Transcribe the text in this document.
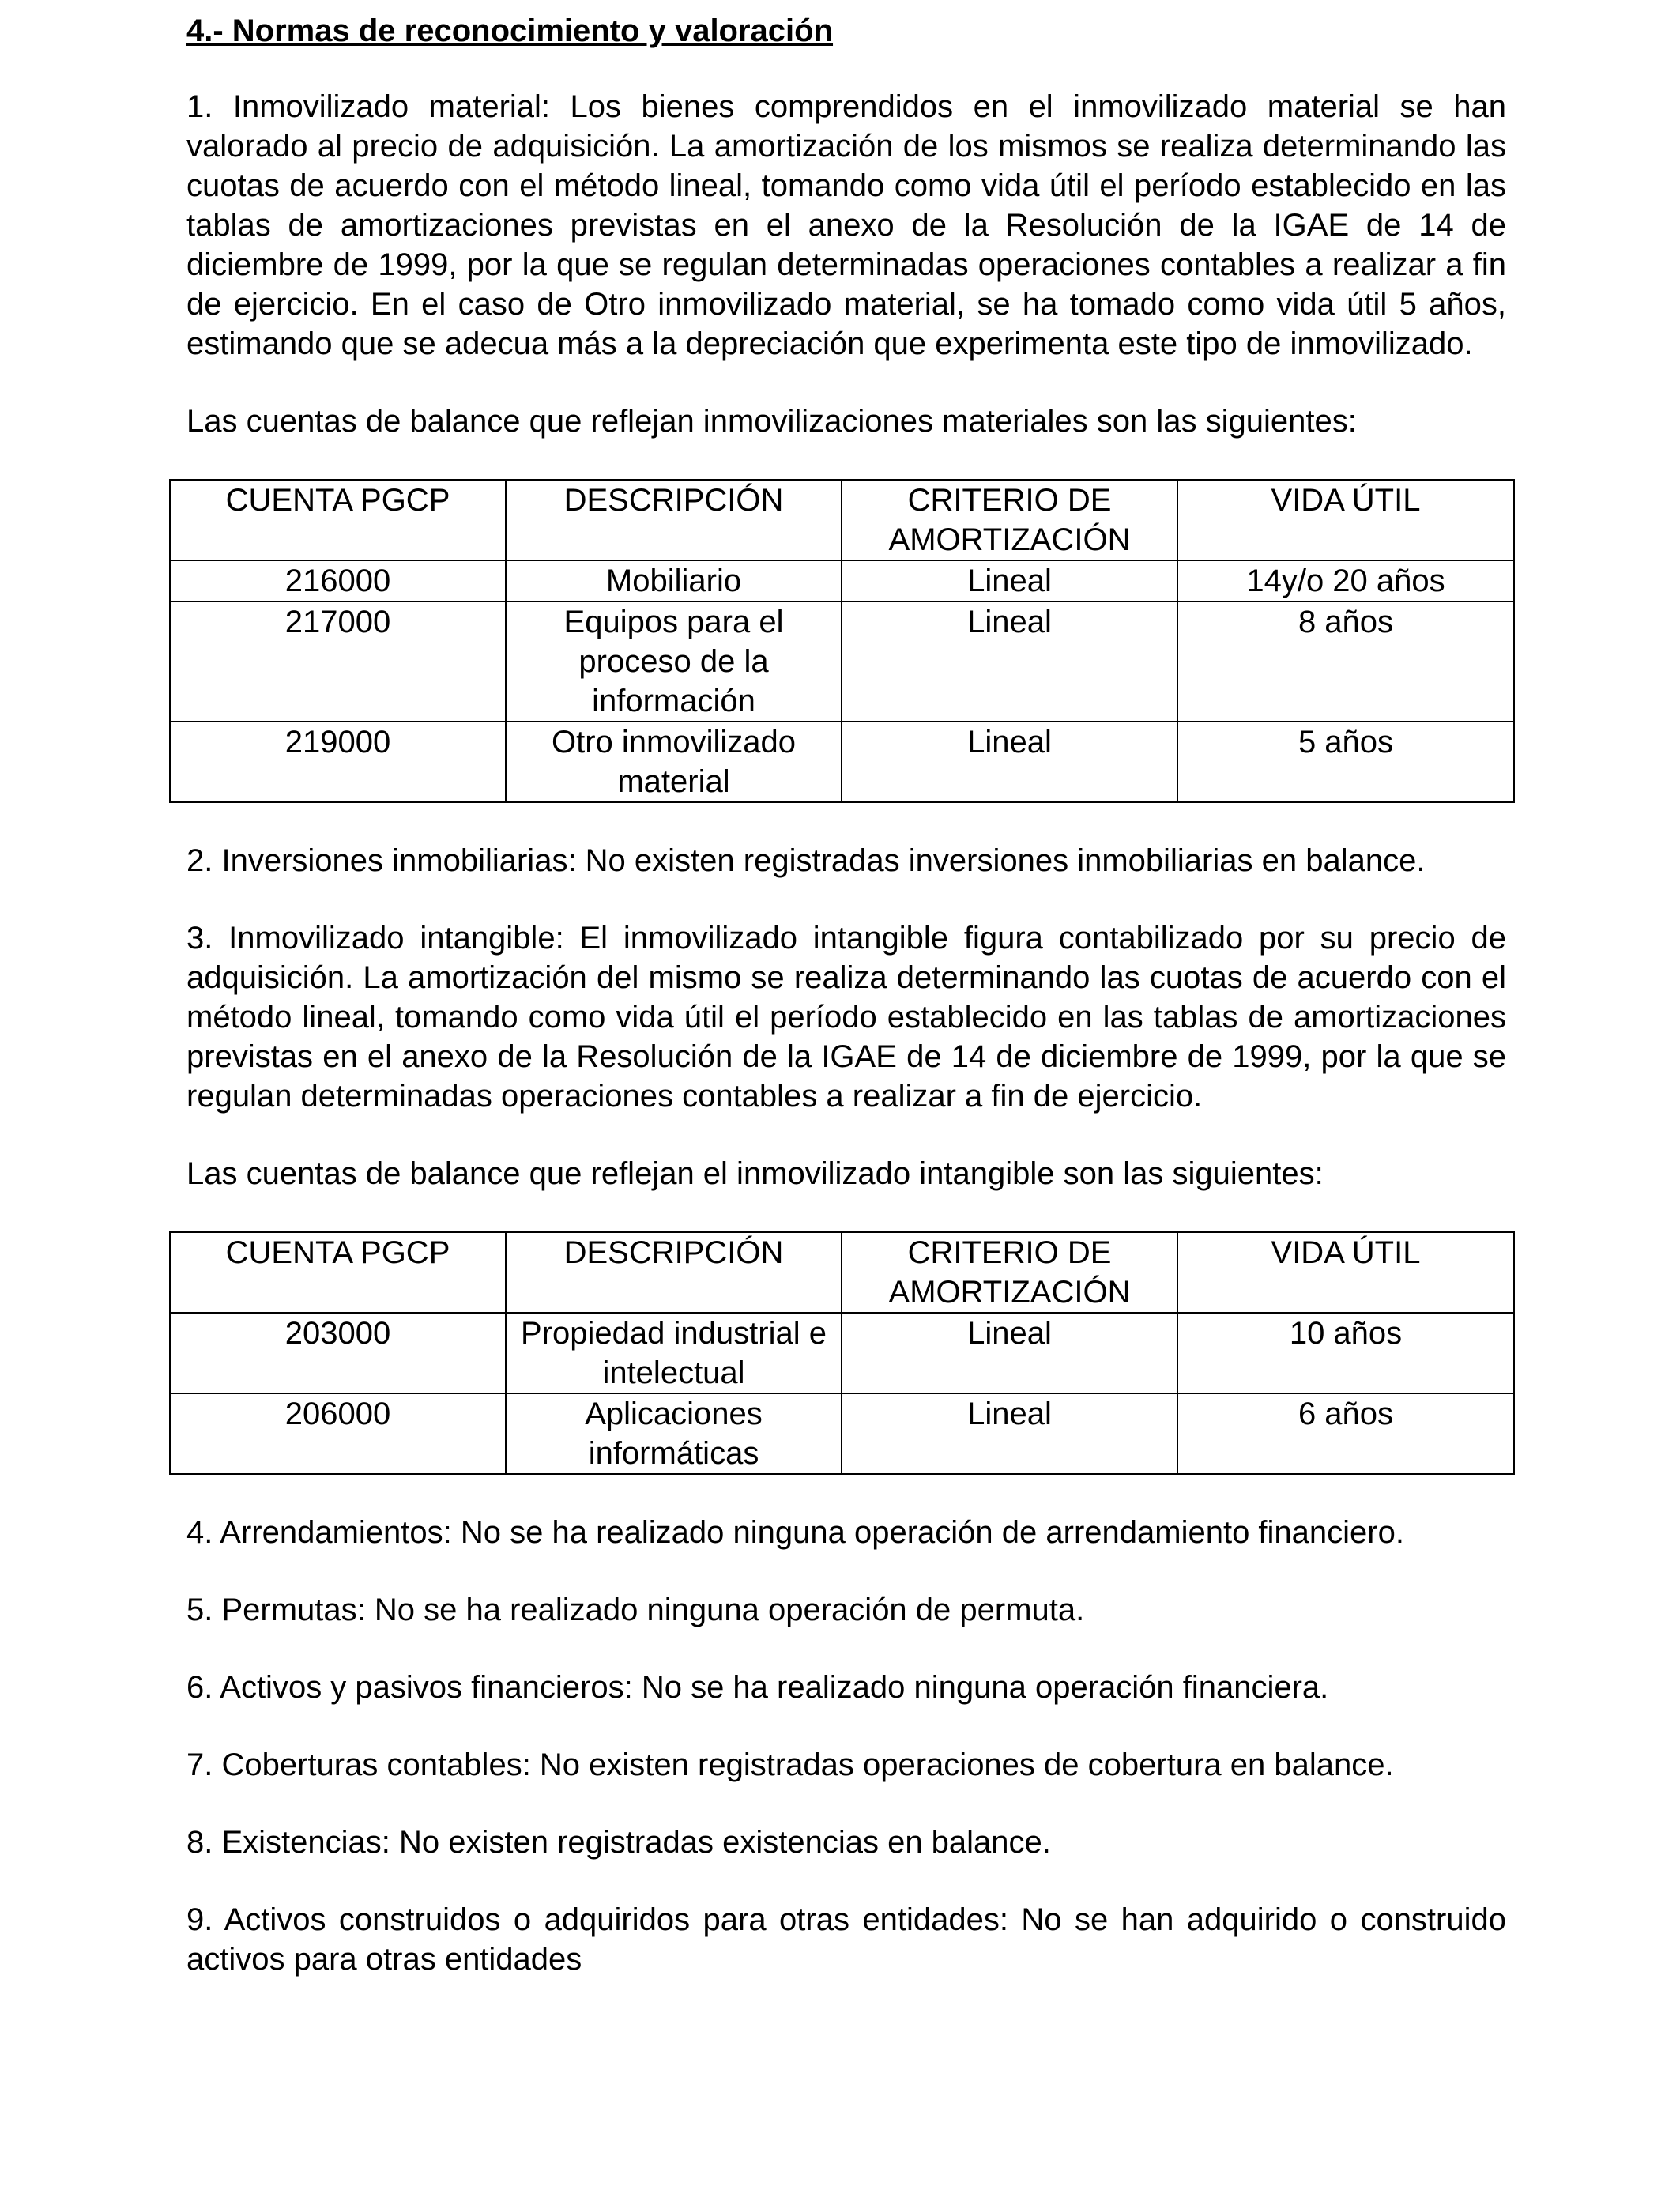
4.- Normas de reconocimiento y valoración

1. Inmovilizado material: Los bienes comprendidos en el inmovilizado material se han valorado al precio de adquisición. La amortización de los mismos se realiza determinando las cuotas de acuerdo con el método lineal, tomando como vida útil el período establecido en las tablas de amortizaciones previstas en el anexo de la Resolución de la IGAE de 14 de diciembre de 1999, por la que se regulan determinadas operaciones contables a realizar a fin de ejercicio. En el caso de Otro inmovilizado material, se ha tomado como vida útil 5 años, estimando que se adecua más a la depreciación que experimenta este tipo de inmovilizado.

Las cuentas de balance que reflejan inmovilizaciones materiales son las siguientes:

CUENTA PGCP	DESCRIPCIÓN	CRITERIO DE AMORTIZACIÓN	VIDA ÚTIL
216000	Mobiliario	Lineal	14y/o 20 años
217000	Equipos para el proceso de la información	Lineal	8 años
219000	Otro inmovilizado material	Lineal	5 años

2. Inversiones inmobiliarias: No existen registradas inversiones inmobiliarias en balance.

3. Inmovilizado intangible: El inmovilizado intangible figura contabilizado por su precio de adquisición. La amortización del mismo se realiza determinando las cuotas de acuerdo con el método lineal, tomando como vida útil el período establecido en las tablas de amortizaciones previstas en el anexo de la Resolución de la IGAE de 14 de diciembre de 1999, por la que se regulan determinadas operaciones contables a realizar a fin de ejercicio.

Las cuentas de balance que reflejan el inmovilizado intangible son las siguientes:

CUENTA PGCP	DESCRIPCIÓN	CRITERIO DE AMORTIZACIÓN	VIDA ÚTIL
203000	Propiedad industrial e intelectual	Lineal	10 años
206000	Aplicaciones informáticas	Lineal	6 años

4. Arrendamientos: No se ha realizado ninguna operación de arrendamiento financiero.

5. Permutas: No se ha realizado ninguna operación de permuta.

6. Activos y pasivos financieros: No se ha realizado ninguna operación financiera.

7. Coberturas contables: No existen registradas operaciones de cobertura en balance.

8. Existencias: No existen registradas existencias en balance.

9. Activos construidos o adquiridos para otras entidades: No se han adquirido o construido activos para otras entidades
